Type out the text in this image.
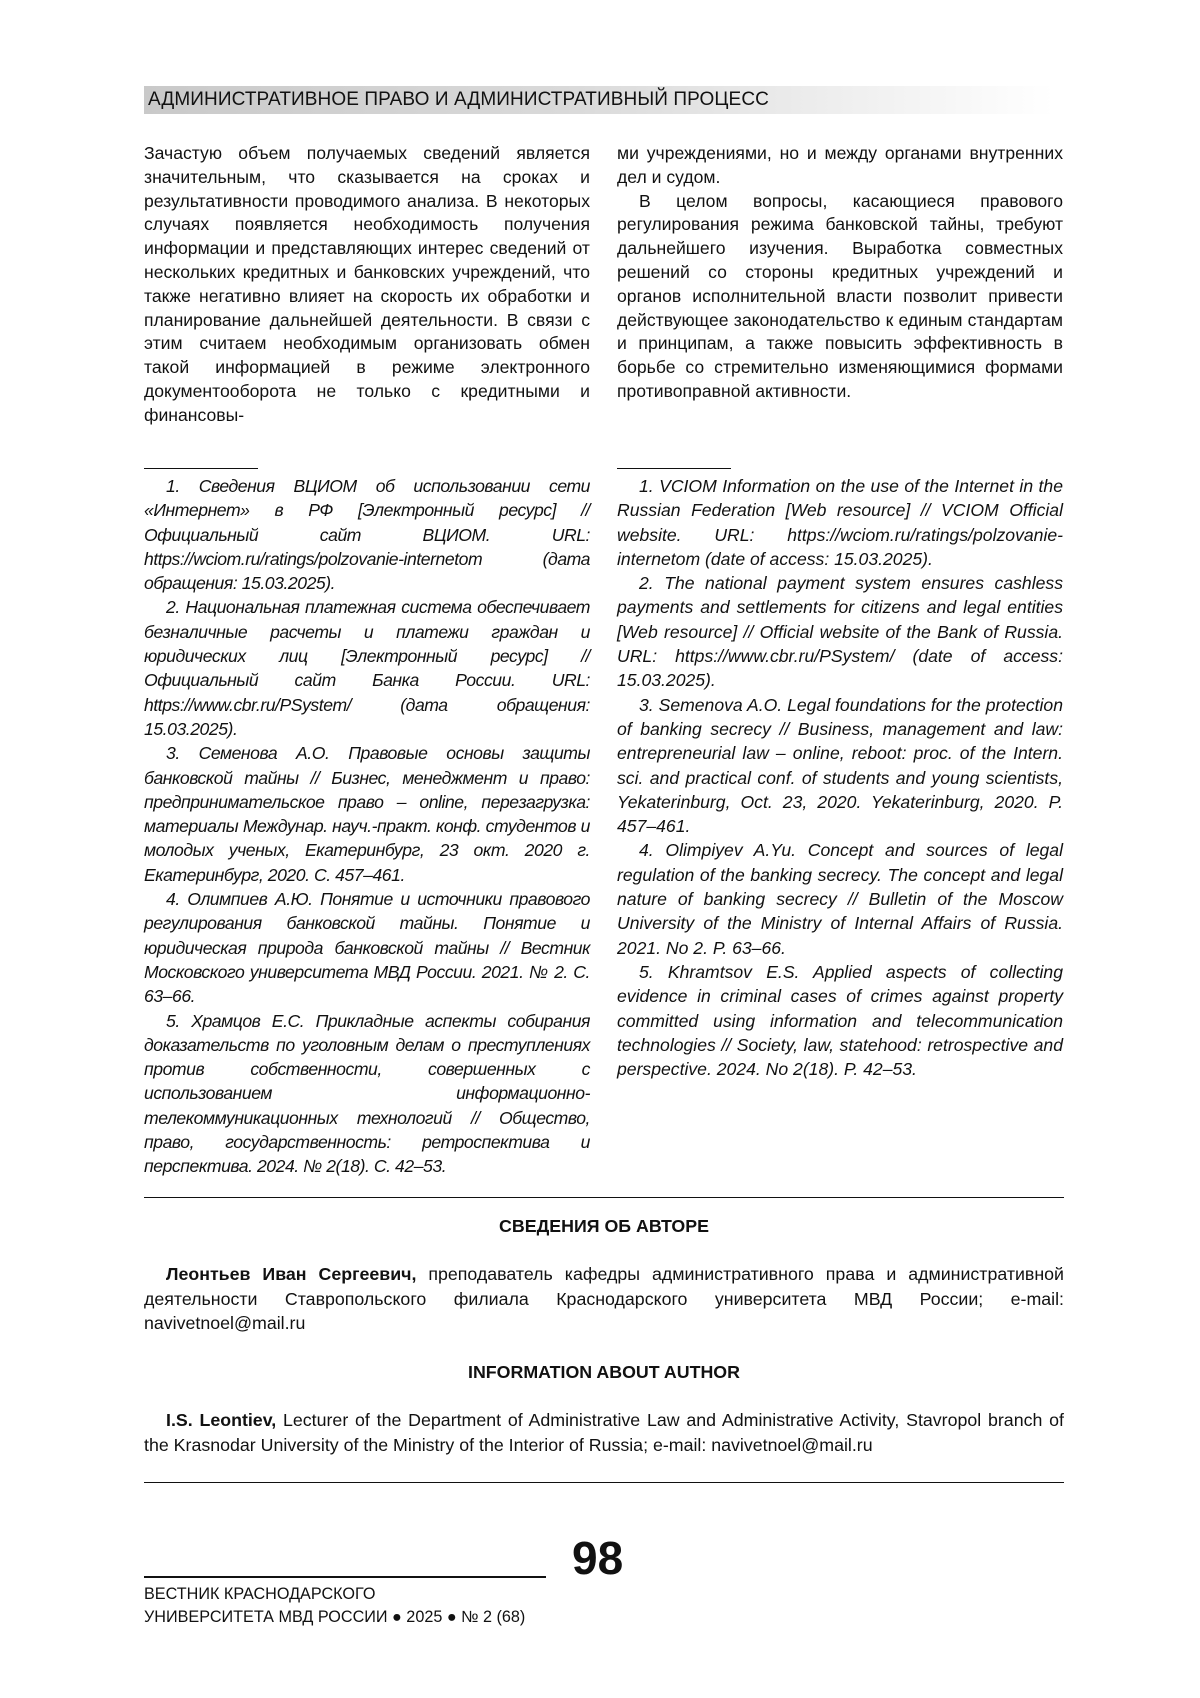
АДМИНИСТРАТИВНОЕ ПРАВО И АДМИНИСТРАТИВНЫЙ ПРОЦЕСС

Зачастую объем получаемых сведений является значительным, что сказывается на сроках и результативности проводимого анализа. В некоторых случаях появляется необходимость получения информации и представляющих интерес сведений от нескольких кредитных и банковских учреждений, что также негативно влияет на скорость их обработки и планирование дальнейшей деятельности. В связи с этим считаем необходимым организовать обмен такой информацией в режиме электронного документооборота не только с кредитными и финансовы-

ми учреждениями, но и между органами внутренних дел и судом.

В целом вопросы, касающиеся правового регулирования режима банковской тайны, требуют дальнейшего изучения. Выработка совместных решений со стороны кредитных учреждений и органов исполнительной власти позволит привести действующее законодательство к единым стандартам и принципам, а также повысить эффективность в борьбе со стремительно изменяющимися формами противоправной активности.

1. Сведения ВЦИОМ об использовании сети «Интернет» в РФ [Электронный ресурс] // Официальный сайт ВЦИОМ. URL: https://wciom.ru/ratings/polzovanie-internetom (дата обращения: 15.03.2025).

2. Национальная платежная система обеспечивает безналичные расчеты и платежи граждан и юридических лиц [Электронный ресурс] // Официальный сайт Банка России. URL: https://www.cbr.ru/PSystem/ (дата обращения: 15.03.2025).

3. Семенова А.О. Правовые основы защиты банковской тайны // Бизнес, менеджмент и право: предпринимательское право – online, перезагрузка: материалы Междунар. науч.-практ. конф. студентов и молодых ученых, Екатеринбург, 23 окт. 2020 г. Екатеринбург, 2020. С. 457–461.

4. Олимпиев А.Ю. Понятие и источники правового регулирования банковской тайны. Понятие и юридическая природа банковской тайны // Вестник Московского университета МВД России. 2021. № 2. С. 63–66.

5. Храмцов Е.С. Прикладные аспекты собирания доказательств по уголовным делам о преступлениях против собственности, совершенных с использованием информационно-телекоммуникационных технологий // Общество, право, государственность: ретроспектива и перспектива. 2024. № 2(18). С. 42–53.

1. VCIOM Information on the use of the Internet in the Russian Federation [Web resource] // VCIOM Official website. URL: https://wciom.ru/ratings/polzovanie-internetom (date of access: 15.03.2025).

2. The national payment system ensures cashless payments and settlements for citizens and legal entities [Web resource] // Official website of the Bank of Russia. URL: https://www.cbr.ru/PSystem/ (date of access: 15.03.2025).

3. Semenova A.O. Legal foundations for the protection of banking secrecy // Business, management and law: entrepreneurial law – online, reboot: proc. of the Intern. sci. and practical conf. of students and young scientists, Yekaterinburg, Oct. 23, 2020. Yekaterinburg, 2020. P. 457–461.

4. Olimpiyev A.Yu. Concept and sources of legal regulation of the banking secrecy. The concept and legal nature of banking secrecy // Bulletin of the Moscow University of the Ministry of Internal Affairs of Russia. 2021. No 2. P. 63–66.

5. Khramtsov E.S. Applied aspects of collecting evidence in criminal cases of crimes against property committed using information and telecommunication technologies // Society, law, statehood: retrospective and perspective. 2024. No 2(18). P. 42–53.

СВЕДЕНИЯ ОБ АВТОРЕ

Леонтьев Иван Сергеевич, преподаватель кафедры административного права и административной деятельности Ставропольского филиала Краснодарского университета МВД России; e-mail: navivetnoel@mail.ru

INFORMATION ABOUT AUTHOR

I.S. Leontiev, Lecturer of the Department of Administrative Law and Administrative Activity, Stavropol branch of the Krasnodar University of the Ministry of the Interior of Russia; e-mail: navivetnoel@mail.ru

98
ВЕСТНИК КРАСНОДАРСКОГО
УНИВЕРСИТЕТА МВД РОССИИ ● 2025 ● № 2 (68)
